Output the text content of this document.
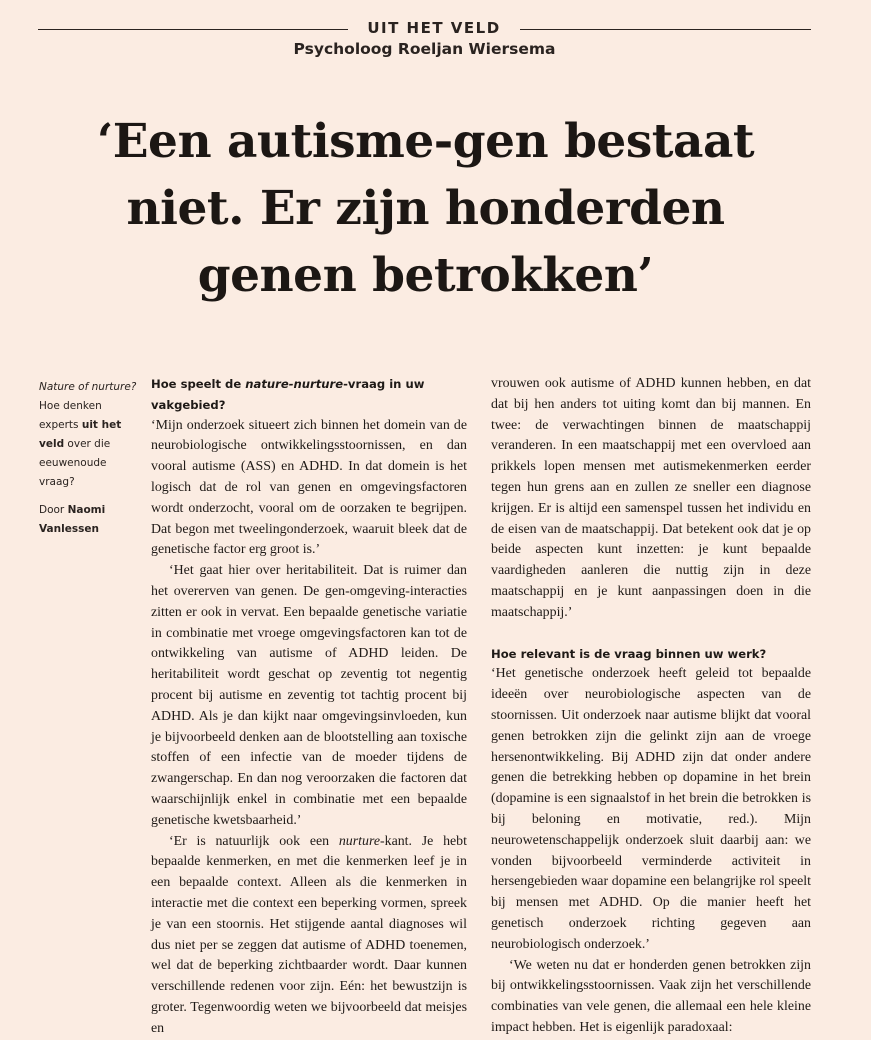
UIT HET VELD
Psycholoog Roeljan Wiersema
‘Een autisme-gen bestaat
niet. Er zijn honderden
genen betrokken’

Nature of nurture? Hoe denken experts uit het veld over die eeuwenoude vraag?

Door Naomi Vanlessen

Hoe speelt de nature-nurture-vraag in uw vakgebied?

‘Mijn onderzoek situeert zich binnen het domein van de neurobiologische ontwikkelingsstoornissen, en dan vooral autisme (ASS) en ADHD. In dat domein is het logisch dat de rol van genen en omgevingsfactoren wordt onderzocht, vooral om de oorzaken te begrijpen. Dat begon met tweelingonderzoek, waaruit bleek dat de genetische factor erg groot is.’

‘Het gaat hier over heritabiliteit. Dat is ruimer dan het overerven van genen. De gen-omgeving-interacties zitten er ook in vervat. Een bepaalde genetische variatie in combinatie met vroege omgevingsfactoren kan tot de ontwikkeling van autisme of ADHD leiden. De heritabiliteit wordt geschat op zeventig tot negentig procent bij autisme en zeventig tot tachtig procent bij ADHD. Als je dan kijkt naar omgevingsinvloeden, kun je bijvoorbeeld denken aan de blootstelling aan toxische stoffen of een infectie van de moeder tijdens de zwangerschap. En dan nog veroorzaken die factoren dat waarschijnlijk enkel in combinatie met een bepaalde genetische kwetsbaarheid.’

‘Er is natuurlijk ook een nurture-kant. Je hebt bepaalde kenmerken, en met die kenmerken leef je in een bepaalde context. Alleen als die kenmerken in interactie met die context een beperking vormen, spreek je van een stoornis. Het stijgende aantal diagnoses wil dus niet per se zeggen dat autisme of ADHD toenemen, wel dat de beperking zichtbaarder wordt. Daar kunnen verschillende redenen voor zijn. Eén: het bewustzijn is groter. Tegenwoordig weten we bijvoorbeeld dat meisjes en

vrouwen ook autisme of ADHD kunnen hebben, en dat dat bij hen anders tot uiting komt dan bij mannen. En twee: de verwachtingen binnen de maatschappij veranderen. In een maatschappij met een overvloed aan prikkels lopen mensen met autismekenmerken eerder tegen hun grens aan en zullen ze sneller een diagnose krijgen. Er is altijd een samenspel tussen het individu en de eisen van de maatschappij. Dat betekent ook dat je op beide aspecten kunt inzetten: je kunt bepaalde vaardigheden aanleren die nuttig zijn in deze maatschappij en je kunt aanpassingen doen in die maatschappij.’

Hoe relevant is de vraag binnen uw werk?

‘Het genetische onderzoek heeft geleid tot bepaalde ideeën over neurobiologische aspecten van de stoornissen. Uit onderzoek naar autisme blijkt dat vooral genen betrokken zijn die gelinkt zijn aan de vroege hersenontwikkeling. Bij ADHD zijn dat onder andere genen die betrekking hebben op dopamine in het brein (dopamine is een signaalstof in het brein die betrokken is bij beloning en motivatie, red.). Mijn neurowetenschappelijk onderzoek sluit daarbij aan: we vonden bijvoorbeeld verminderde activiteit in hersengebieden waar dopamine een belangrijke rol speelt bij mensen met ADHD. Op die manier heeft het genetisch onderzoek richting gegeven aan neurobiologisch onderzoek.’

‘We weten nu dat er honderden genen betrokken zijn bij ontwikkelingsstoornissen. Vaak zijn het verschillende combinaties van vele genen, die allemaal een hele kleine impact hebben. Het is eigenlijk paradoxaal:
